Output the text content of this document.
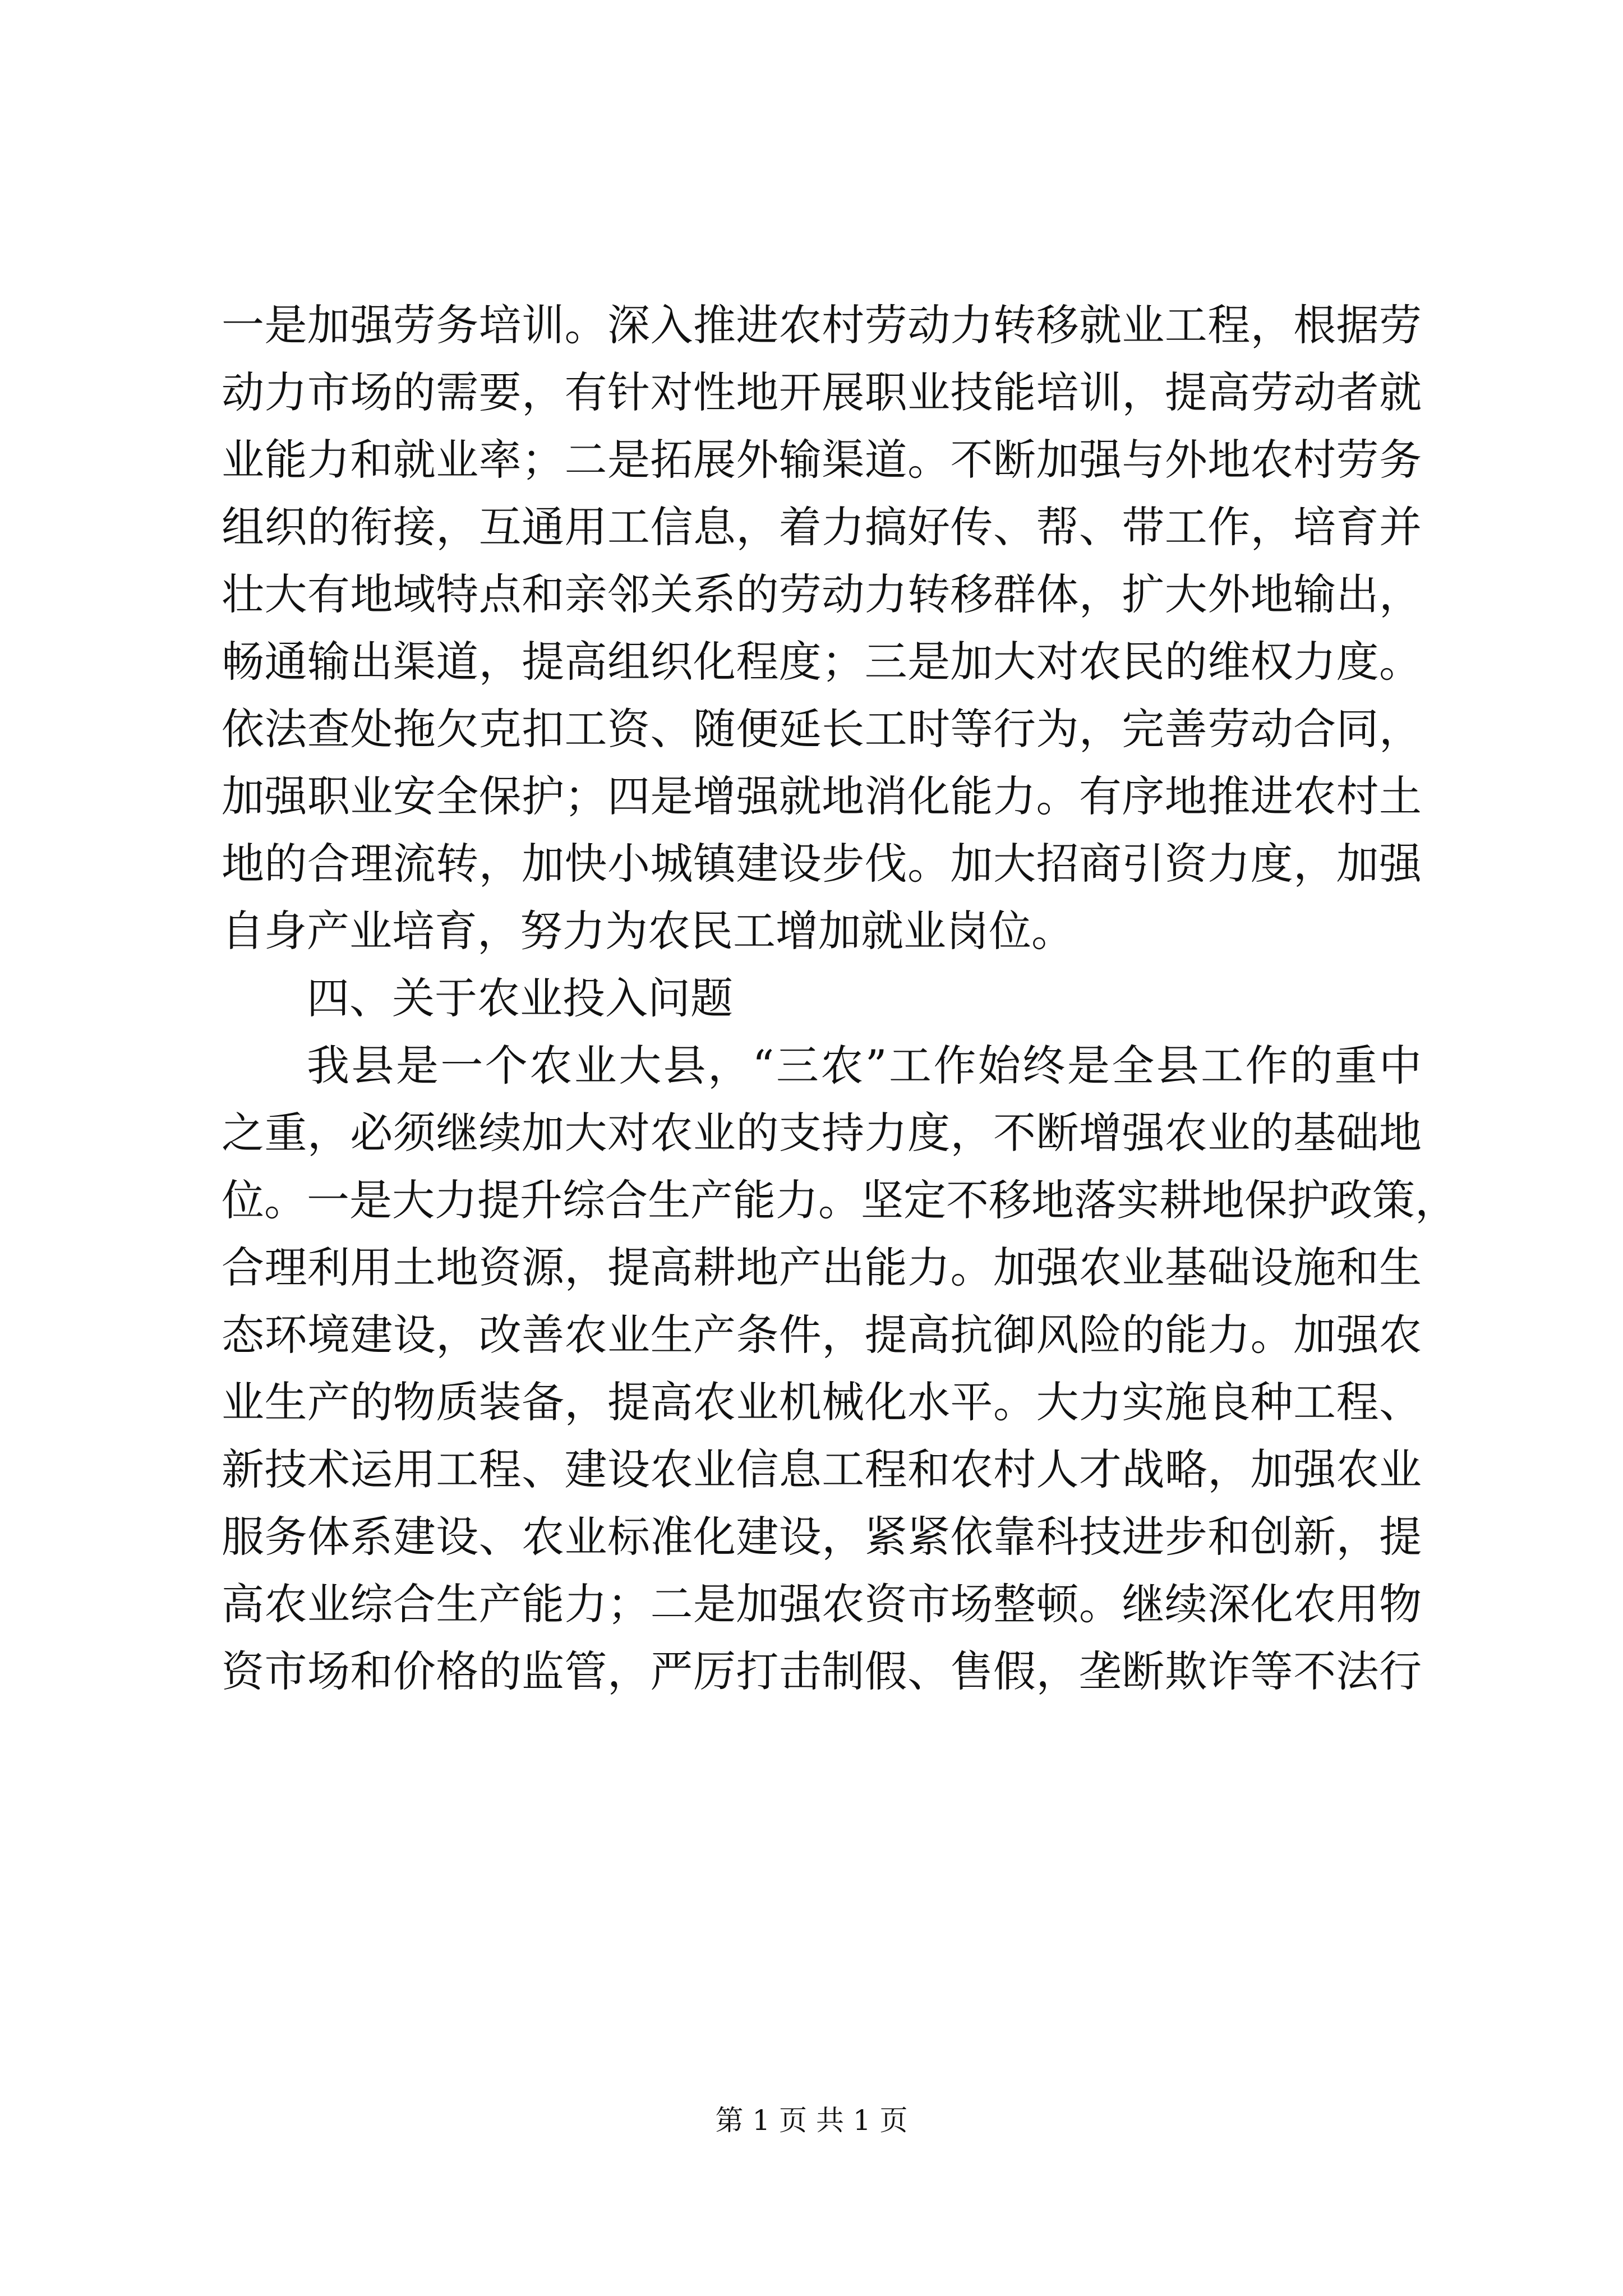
一是加强劳务培训。深入推进农村劳动力转移就业工程，根据劳
动力市场的需要，有针对性地开展职业技能培训，提高劳动者就
业能力和就业率；二是拓展外输渠道。不断加强与外地农村劳务
组织的衔接，互通用工信息，着力搞好传、帮、带工作，培育并
壮大有地域特点和亲邻关系的劳动力转移群体，扩大外地输出，
畅通输出渠道，提高组织化程度；三是加大对农民的维权力度。
依法查处拖欠克扣工资、随便延长工时等行为，完善劳动合同，
加强职业安全保护；四是增强就地消化能力。有序地推进农村土
地的合理流转，加快小城镇建设步伐。加大招商引资力度，加强
自身产业培育，努力为农民工增加就业岗位。
四、关于农业投入问题
我县是一个农业大县，“三农”工作始终是全县工作的重中
之重，必须继续加大对农业的支持力度，不断增强农业的基础地
位。一是大力提升综合生产能力。坚定不移地落实耕地保护政策，
合理利用土地资源，提高耕地产出能力。加强农业基础设施和生
态环境建设，改善农业生产条件，提高抗御风险的能力。加强农
业生产的物质装备，提高农业机械化水平。大力实施良种工程、
新技术运用工程、建设农业信息工程和农村人才战略，加强农业
服务体系建设、农业标准化建设，紧紧依靠科技进步和创新，提
高农业综合生产能力；二是加强农资市场整顿。继续深化农用物
资市场和价格的监管，严厉打击制假、售假，垄断欺诈等不法行
第 1 页 共 1 页
